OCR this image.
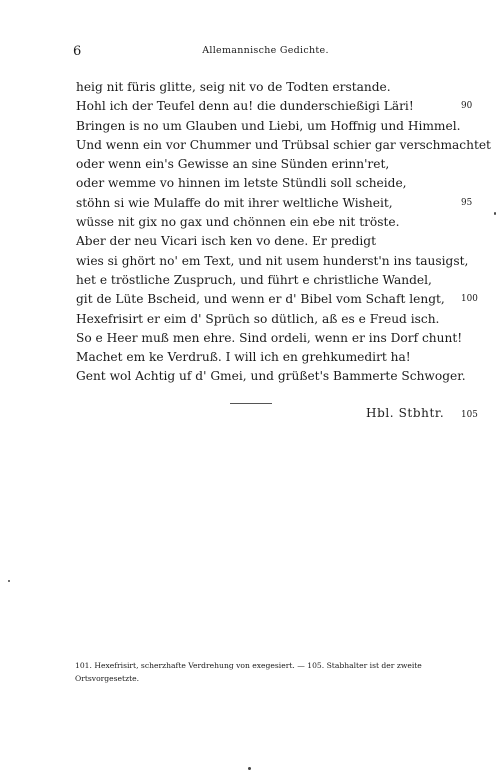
6	Allemannische Gedichte.
heig nit füris glitte, seig nit vo de Todten erstande.
Hohl ich der Teufel denn au! die dunderschießigi Läri!	90
Bringen is no um Glauben und Liebi, um Hoffnig und Himmel.
Und wenn ein vor Chummer und Trübsal schier gar verschmachtet
oder wenn ein's Gewisse an sine Sünden erinn'ret,
oder wemme vo hinnen im letste Stündli soll scheide,
stöhn si wie Mulaffe do mit ihrer weltliche Wisheit,	95
wüsse nit gix no gax und chönnen ein ebe nit tröste.
Aber der neu Vicari isch ken vo dene. Er predigt
wies si ghört no' em Text, und nit usem hunderst'n ins tausigst,
het e tröstliche Zuspruch, und führt e christliche Wandel,
git de Lüte Bscheid, und wenn er d' Bibel vom Schaft lengt, 100
Hexefrisirt er eim d' Sprüch so dütlich, aß es e Freud isch.
So e Heer muß men ehre. Sind ordeli, wenn er ins Dorf chunt!
Machet em ke Verdruß. I will ich en grehkumedirt ha!
Gent wol Achtig uf d' Gmei, und grüßet's Bammerte Schwoger.
Hbl. Stbhtr. 105
101. Hexefrisirt, scherzhafte Verdrehung von exegesiert. — 105. Stabhalter ist der zweite Ortsvorgesetzte.
